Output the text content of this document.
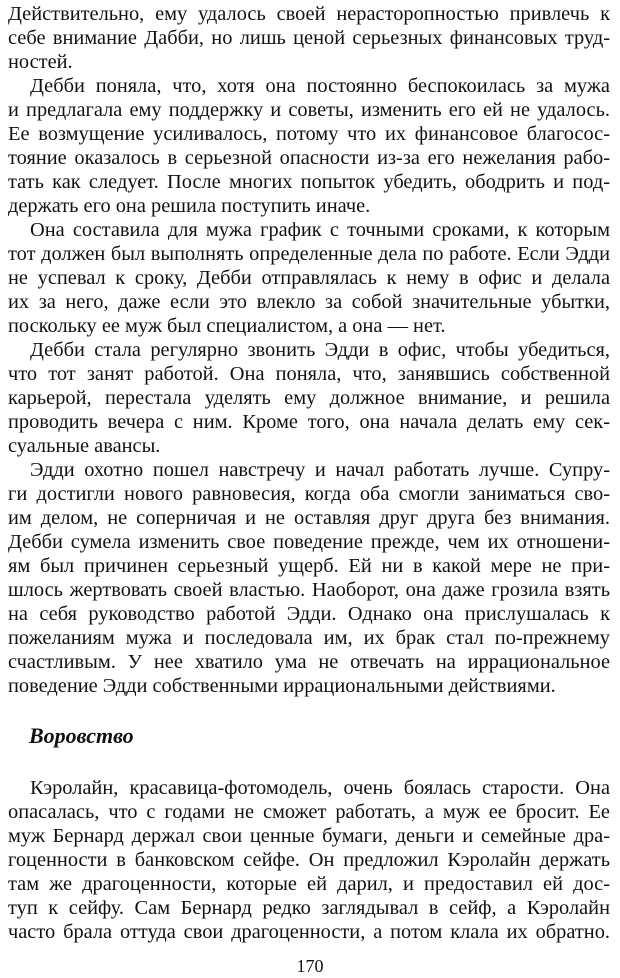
Действительно, ему удалось своей нерасторопностью привлечь к
себе внимание Дабби, но лишь ценой серьезных финансовых труд-
ностей.
Дебби поняла, что, хотя она постоянно беспокоилась за мужа
и предлагала ему поддержку и советы, изменить его ей не удалось.
Ее возмущение усиливалось, потому что их финансовое благосос-
тояние оказалось в серьезной опасности из-за его нежелания рабо-
тать как следует. После многих попыток убедить, ободрить и под-
держать его она решила поступить иначе.
Она составила для мужа график с точными сроками, к которым
тот должен был выполнять определенные дела по работе. Если Эдди
не успевал к сроку, Дебби отправлялась к нему в офис и делала
их за него, даже если это влекло за собой значительные убытки,
поскольку ее муж был специалистом, а она — нет.
Дебби стала регулярно звонить Эдди в офис, чтобы убедиться,
что тот занят работой. Она поняла, что, занявшись собственной
карьерой, перестала уделять ему должное внимание, и решила
проводить вечера с ним. Кроме того, она начала делать ему сек-
суальные авансы.
Эдди охотно пошел навстречу и начал работать лучше. Супру-
ги достигли нового равновесия, когда оба смогли заниматься сво-
им делом, не соперничая и не оставляя друг друга без внимания.
Дебби сумела изменить свое поведение прежде, чем их отношени-
ям был причинен серьезный ущерб. Ей ни в какой мере не при-
шлось жертвовать своей властью. Наоборот, она даже грозила взять
на себя руководство работой Эдди. Однако она прислушалась к
пожеланиям мужа и последовала им, их брак стал по-прежнему
счастливым. У нее хватило ума не отвечать на иррациональное
поведение Эдди собственными иррациональными действиями.
Воровство
Кэролайн, красавица-фотомодель, очень боялась старости. Она
опасалась, что с годами не сможет работать, а муж ее бросит. Ее
муж Бернард держал свои ценные бумаги, деньги и семейные дра-
гоценности в банковском сейфе. Он предложил Кэролайн держать
там же драгоценности, которые ей дарил, и предоставил ей дос-
туп к сейфу. Сам Бернард редко заглядывал в сейф, а Кэролайн
часто брала оттуда свои драгоценности, а потом клала их обратно.
170
